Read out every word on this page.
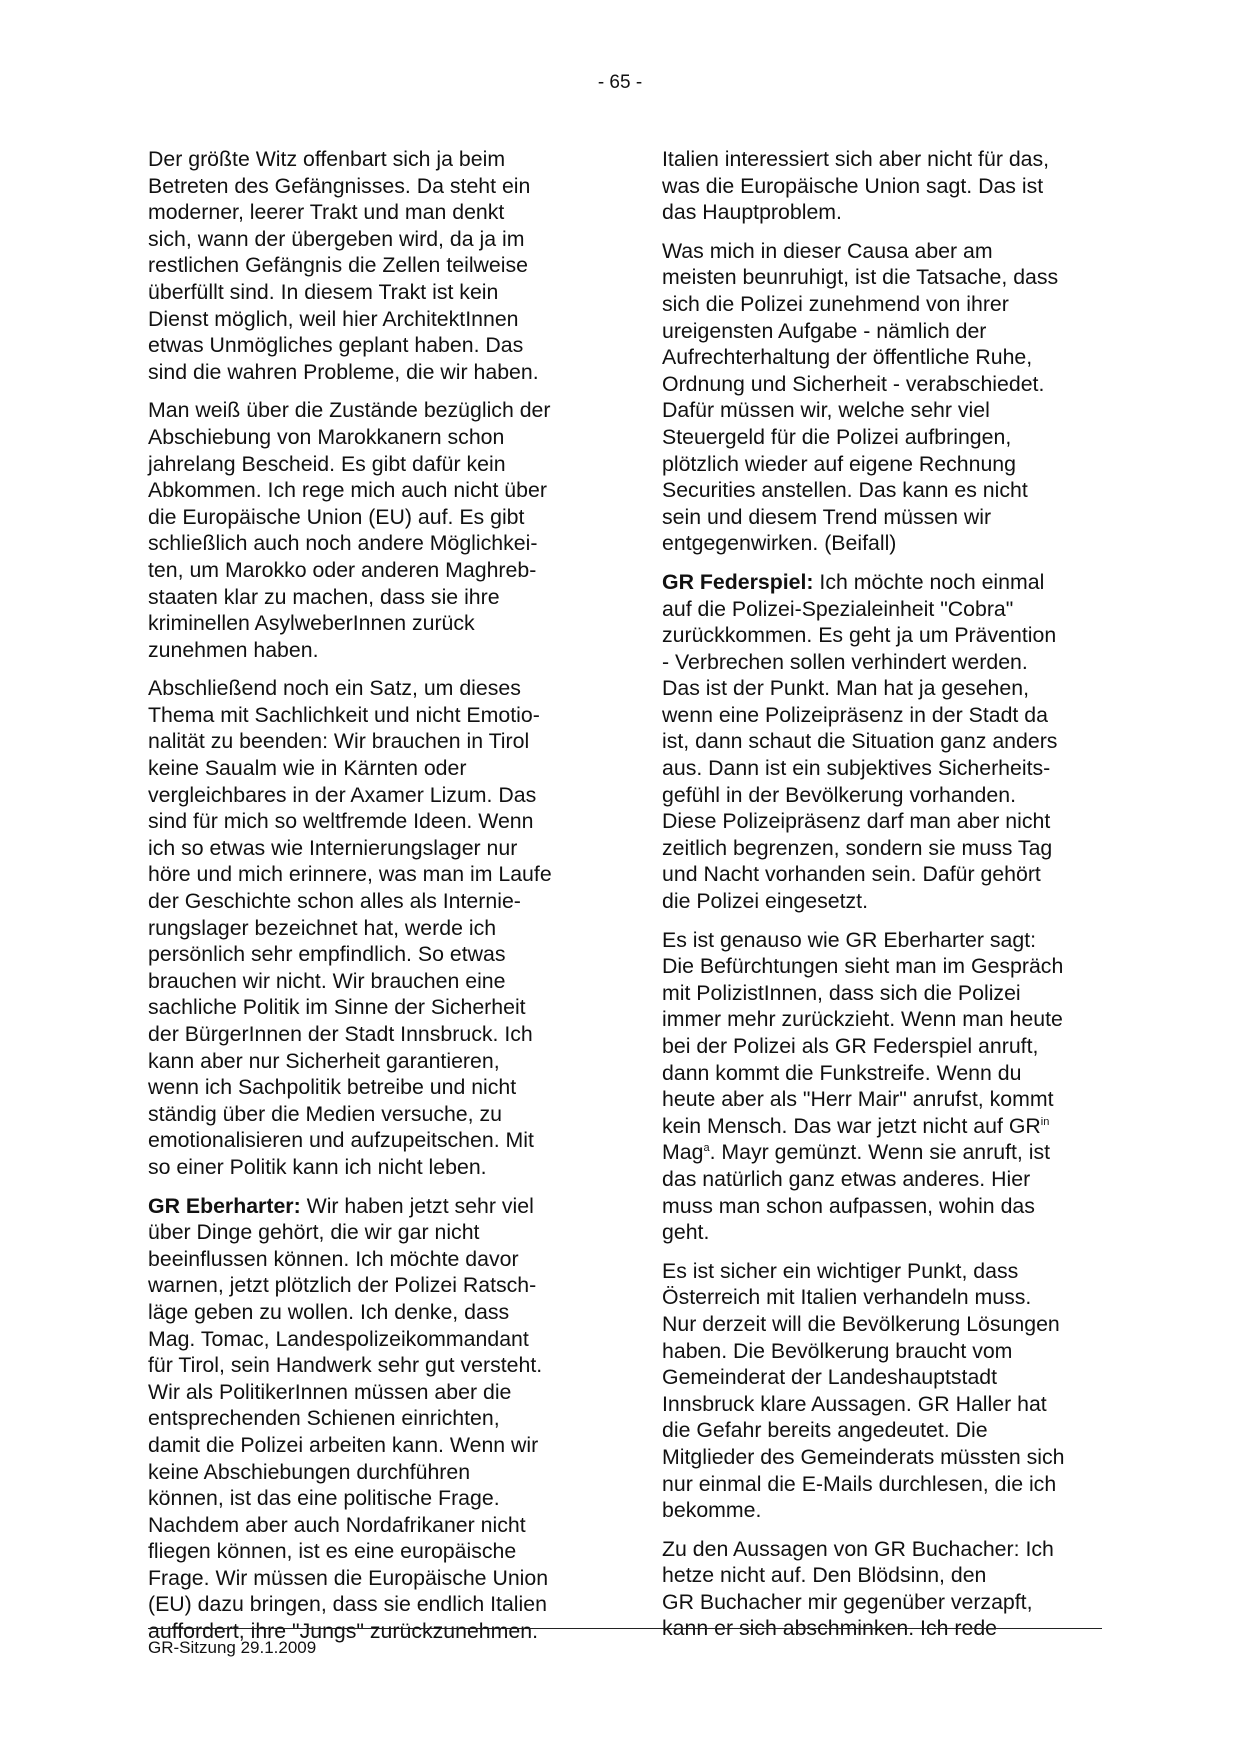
- 65 -

Der größte Witz offenbart sich ja beim
Betreten des Gefängnisses. Da steht ein
moderner, leerer Trakt und man denkt
sich, wann der übergeben wird, da ja im
restlichen Gefängnis die Zellen teilweise
überfüllt sind. In diesem Trakt ist kein
Dienst möglich, weil hier ArchitektInnen
etwas Unmögliches geplant haben. Das
sind die wahren Probleme, die wir haben.

Man weiß über die Zustände bezüglich der
Abschiebung von Marokkanern schon
jahrelang Bescheid. Es gibt dafür kein
Abkommen. Ich rege mich auch nicht über
die Europäische Union (EU) auf. Es gibt
schließlich auch noch andere Möglichkei-
ten, um Marokko oder anderen Maghreb-
staaten klar zu machen, dass sie ihre
kriminellen AsylweberInnen zurück
zunehmen haben.

Abschließend noch ein Satz, um dieses
Thema mit Sachlichkeit und nicht Emotio-
nalität zu beenden: Wir brauchen in Tirol
keine Saualm wie in Kärnten oder
vergleichbares in der Axamer Lizum. Das
sind für mich so weltfremde Ideen. Wenn
ich so etwas wie Internierungslager nur
höre und mich erinnere, was man im Laufe
der Geschichte schon alles als Internie-
rungslager bezeichnet hat, werde ich
persönlich sehr empfindlich. So etwas
brauchen wir nicht. Wir brauchen eine
sachliche Politik im Sinne der Sicherheit
der BürgerInnen der Stadt Innsbruck. Ich
kann aber nur Sicherheit garantieren,
wenn ich Sachpolitik betreibe und nicht
ständig über die Medien versuche, zu
emotionalisieren und aufzupeitschen. Mit
so einer Politik kann ich nicht leben.

GR Eberharter: Wir haben jetzt sehr viel
über Dinge gehört, die wir gar nicht
beeinflussen können. Ich möchte davor
warnen, jetzt plötzlich der Polizei Ratsch-
läge geben zu wollen. Ich denke, dass
Mag. Tomac, Landespolizeikommandant
für Tirol, sein Handwerk sehr gut versteht.
Wir als PolitikerInnen müssen aber die
entsprechenden Schienen einrichten,
damit die Polizei arbeiten kann. Wenn wir
keine Abschiebungen durchführen
können, ist das eine politische Frage.
Nachdem aber auch Nordafrikaner nicht
fliegen können, ist es eine europäische
Frage. Wir müssen die Europäische Union
(EU) dazu bringen, dass sie endlich Italien
auffordert, ihre "Jungs" zurückzunehmen.

Italien interessiert sich aber nicht für das,
was die Europäische Union sagt. Das ist
das Hauptproblem.

Was mich in dieser Causa aber am
meisten beunruhigt, ist die Tatsache, dass
sich die Polizei zunehmend von ihrer
ureigensten Aufgabe - nämlich der
Aufrechterhaltung der öffentliche Ruhe,
Ordnung und Sicherheit - verabschiedet.
Dafür müssen wir, welche sehr viel
Steuergeld für die Polizei aufbringen,
plötzlich wieder auf eigene Rechnung
Securities anstellen. Das kann es nicht
sein und diesem Trend müssen wir
entgegenwirken. (Beifall)

GR Federspiel: Ich möchte noch einmal
auf die Polizei-Spezialeinheit "Cobra"
zurückkommen. Es geht ja um Prävention
- Verbrechen sollen verhindert werden.
Das ist der Punkt. Man hat ja gesehen,
wenn eine Polizeipräsenz in der Stadt da
ist, dann schaut die Situation ganz anders
aus. Dann ist ein subjektives Sicherheits-
gefühl in der Bevölkerung vorhanden.
Diese Polizeipräsenz darf man aber nicht
zeitlich begrenzen, sondern sie muss Tag
und Nacht vorhanden sein. Dafür gehört
die Polizei eingesetzt.

Es ist genauso wie GR Eberharter sagt:
Die Befürchtungen sieht man im Gespräch
mit PolizistInnen, dass sich die Polizei
immer mehr zurückzieht. Wenn man heute
bei der Polizei als GR Federspiel anruft,
dann kommt die Funkstreife. Wenn du
heute aber als "Herr Mair" anrufst, kommt
kein Mensch. Das war jetzt nicht auf $GR^{in}$
Mag$^a$. Mayr gemünzt. Wenn sie anruft, ist
das natürlich ganz etwas anderes. Hier
muss man schon aufpassen, wohin das
geht.

Es ist sicher ein wichtiger Punkt, dass
Österreich mit Italien verhandeln muss.
Nur derzeit will die Bevölkerung Lösungen
haben. Die Bevölkerung braucht vom
Gemeinderat der Landeshauptstadt
Innsbruck klare Aussagen. GR Haller hat
die Gefahr bereits angedeutet. Die
Mitglieder des Gemeinderats müssten sich
nur einmal die E-Mails durchlesen, die ich
bekomme.

Zu den Aussagen von GR Buchacher: Ich
hetze nicht auf. Den Blödsinn, den
GR Buchacher mir gegenüber verzapft,
kann er sich abschminken. Ich rede

GR-Sitzung 29.1.2009
